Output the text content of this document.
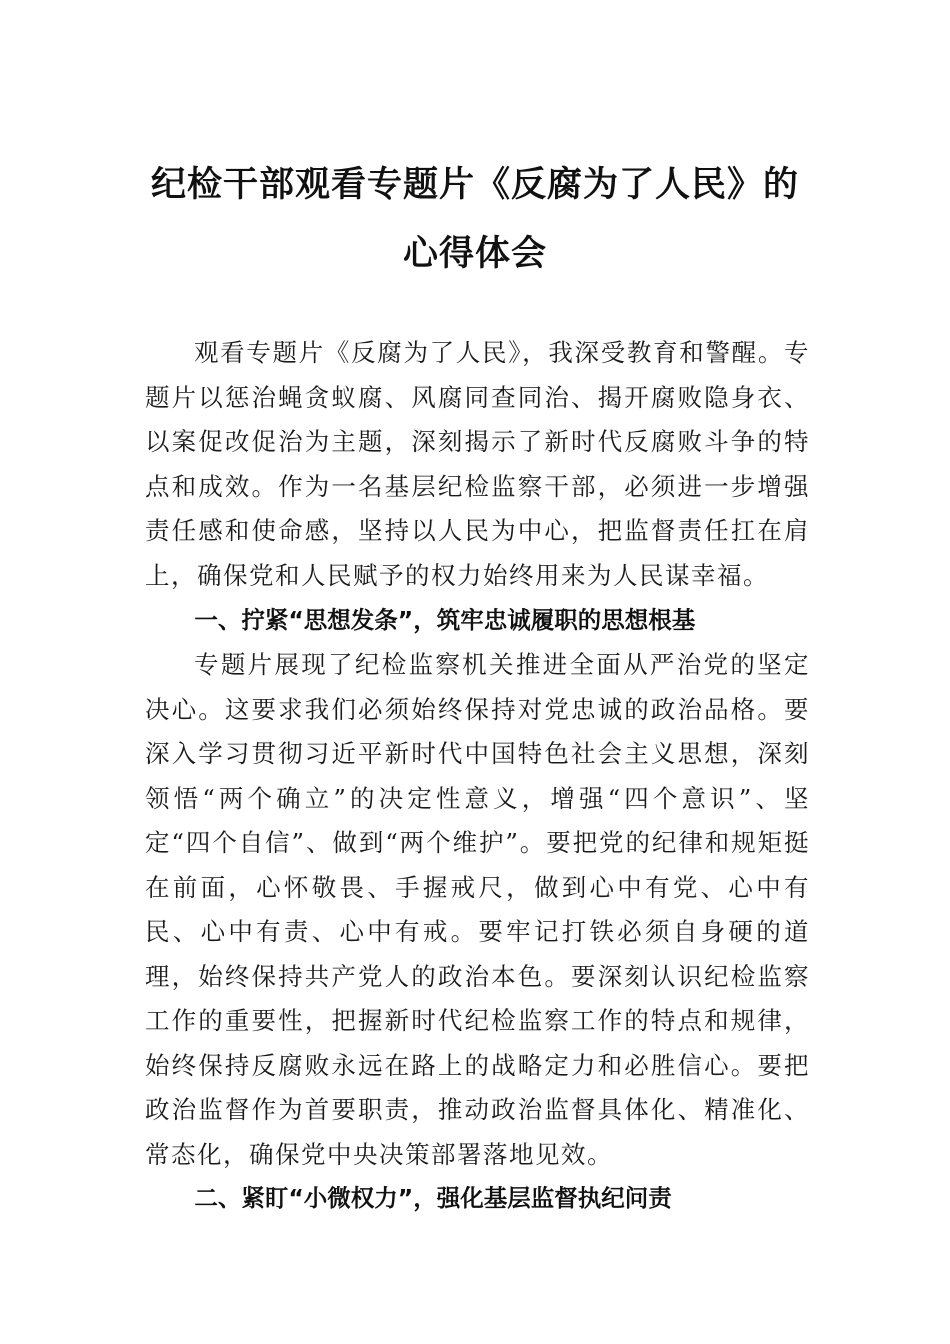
纪检干部观看专题片《反腐为了人民》的
心得体会

观看专题片《反腐为了人民》，我深受教育和警醒。专题片以惩治蝇贪蚁腐、风腐同查同治、揭开腐败隐身衣、以案促改促治为主题，深刻揭示了新时代反腐败斗争的特点和成效。作为一名基层纪检监察干部，必须进一步增强责任感和使命感，坚持以人民为中心，把监督责任扛在肩上，确保党和人民赋予的权力始终用来为人民谋幸福。

一、拧紧“思想发条”，筑牢忠诚履职的思想根基

专题片展现了纪检监察机关推进全面从严治党的坚定决心。这要求我们必须始终保持对党忠诚的政治品格。要深入学习贯彻习近平新时代中国特色社会主义思想，深刻领悟“两个确立”的决定性意义，增强“四个意识”、坚定“四个自信”、做到“两个维护”。要把党的纪律和规矩挺在前面，心怀敬畏、手握戒尺，做到心中有党、心中有民、心中有责、心中有戒。要牢记打铁必须自身硬的道理，始终保持共产党人的政治本色。要深刻认识纪检监察工作的重要性，把握新时代纪检监察工作的特点和规律，始终保持反腐败永远在路上的战略定力和必胜信心。要把政治监督作为首要职责，推动政治监督具体化、精准化、常态化，确保党中央决策部署落地见效。

二、紧盯“小微权力”，强化基层监督执纪问责
